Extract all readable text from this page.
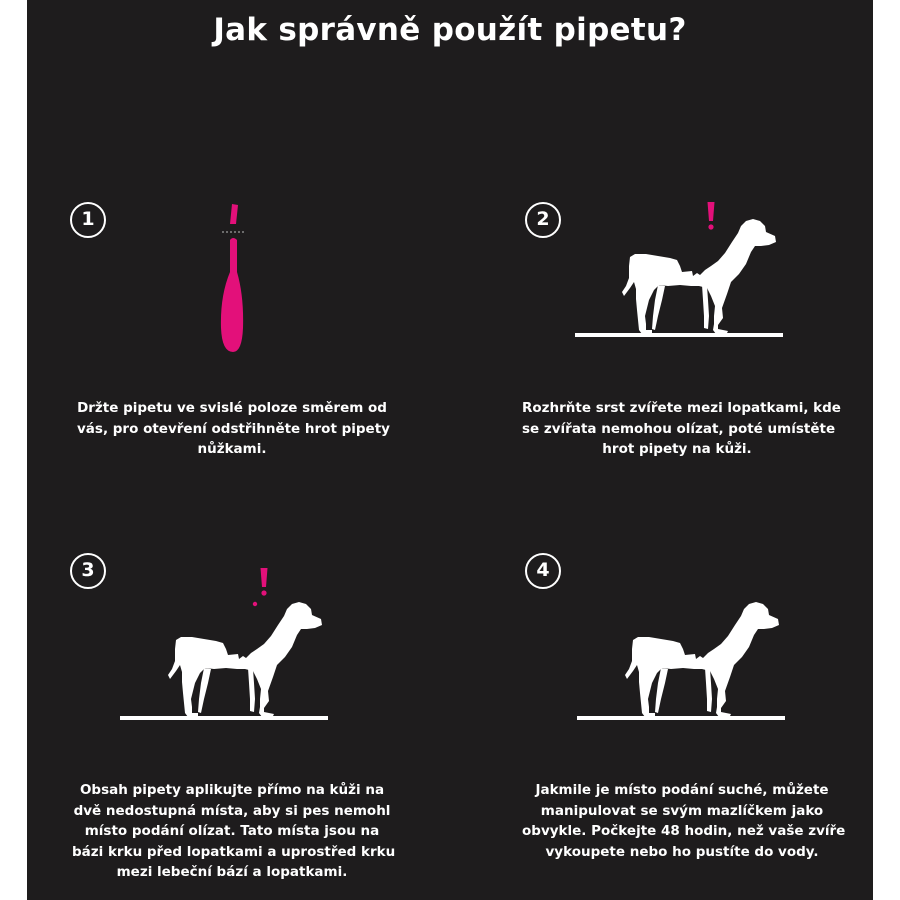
Jak správně použít pipetu?
1
Držte pipetu ve svislé poloze směrem od
vás, pro otevření odstřihněte hrot pipety
nůžkami.
2
Rozhrňte srst zvířete mezi lopatkami, kde
se zvířata nemohou olízat, poté umístěte
hrot pipety na kůži.
3
Obsah pipety aplikujte přímo na kůži na
dvě nedostupná místa, aby si pes nemohl
místo podání olízat. Tato místa jsou na
bázi krku před lopatkami a uprostřed krku
mezi lebeční bází a lopatkami.
4
Jakmile je místo podání suché, můžete
manipulovat se svým mazlíčkem jako
obvykle. Počkejte 48 hodin, než vaše zvíře
vykoupete nebo ho pustíte do vody.
